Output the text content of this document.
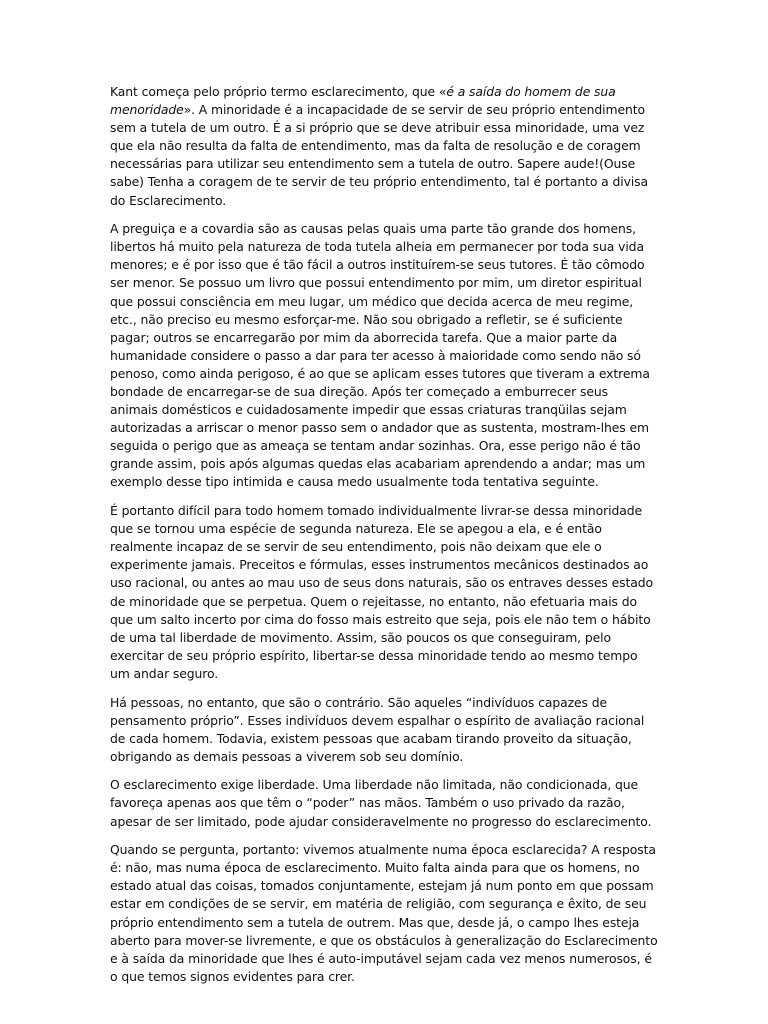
Kant começa pelo próprio termo esclarecimento, que «é a saída do homem de sua menoridade». A minoridade é a incapacidade de se servir de seu próprio entendimento sem a tutela de um outro. É a si próprio que se deve atribuir essa minoridade, uma vez que ela não resulta da falta de entendimento, mas da falta de resolução e de coragem necessárias para utilizar seu entendimento sem a tutela de outro. Sapere aude!(Ouse sabe) Tenha a coragem de te servir de teu próprio entendimento, tal é portanto a divisa do Esclarecimento.

A preguiça e a covardia são as causas pelas quais uma parte tão grande dos homens, libertos há muito pela natureza de toda tutela alheia em permanecer por toda sua vida menores; e é por isso que é tão fácil a outros instituírem-se seus tutores. É tão cômodo ser menor. Se possuo um livro que possui entendimento por mim, um diretor espiritual que possui consciência em meu lugar, um médico que decida acerca de meu regime, etc., não preciso eu mesmo esforçar-me. Não sou obrigado a refletir, se é suficiente pagar; outros se encarregarão por mim da aborrecida tarefa. Que a maior parte da humanidade considere o passo a dar para ter acesso à maioridade como sendo não só penoso, como ainda perigoso, é ao que se aplicam esses tutores que tiveram a extrema bondade de encarregar-se de sua direção. Após ter começado a emburrecer seus animais domésticos e cuidadosamente impedir que essas criaturas tranqüilas sejam autorizadas a arriscar o menor passo sem o andador que as sustenta, mostram-lhes em seguida o perigo que as ameaça se tentam andar sozinhas. Ora, esse perigo não é tão grande assim, pois após algumas quedas elas acabariam aprendendo a andar; mas um exemplo desse tipo intimida e causa medo usualmente toda tentativa seguinte.

É portanto difícil para todo homem tomado individualmente livrar-se dessa minoridade que se tornou uma espécie de segunda natureza. Ele se apegou a ela, e é então realmente incapaz de se servir de seu entendimento, pois não deixam que ele o experimente jamais. Preceitos e fórmulas, esses instrumentos mecânicos destinados ao uso racional, ou antes ao mau uso de seus dons naturais, são os entraves desses estado de minoridade que se perpetua. Quem o rejeitasse, no entanto, não efetuaria mais do que um salto incerto por cima do fosso mais estreito que seja, pois ele não tem o hábito de uma tal liberdade de movimento. Assim, são poucos os que conseguiram, pelo exercitar de seu próprio espírito, libertar-se dessa minoridade tendo ao mesmo tempo um andar seguro.

Há pessoas, no entanto, que são o contrário. São aqueles “indivíduos capazes de pensamento próprio”. Esses indivíduos devem espalhar o espírito de avaliação racional de cada homem. Todavia, existem pessoas que acabam tirando proveito da situação, obrigando as demais pessoas a viverem sob seu domínio.

O esclarecimento exige liberdade. Uma liberdade não limitada, não condicionada, que favoreça apenas aos que têm o “poder” nas mãos. Também o uso privado da razão, apesar de ser limitado, pode ajudar consideravelmente no progresso do esclarecimento.

Quando se pergunta, portanto: vivemos atualmente numa época esclarecida? A resposta é: não, mas numa época de esclarecimento. Muito falta ainda para que os homens, no estado atual das coisas, tomados conjuntamente, estejam já num ponto em que possam estar em condições de se servir, em matéria de religião, com segurança e êxito, de seu próprio entendimento sem a tutela de outrem. Mas que, desde já, o campo lhes esteja aberto para mover-se livremente, e que os obstáculos à generalização do Esclarecimento e à saída da minoridade que lhes é auto-imputável sejam cada vez menos numerosos, é o que temos signos evidentes para crer.
